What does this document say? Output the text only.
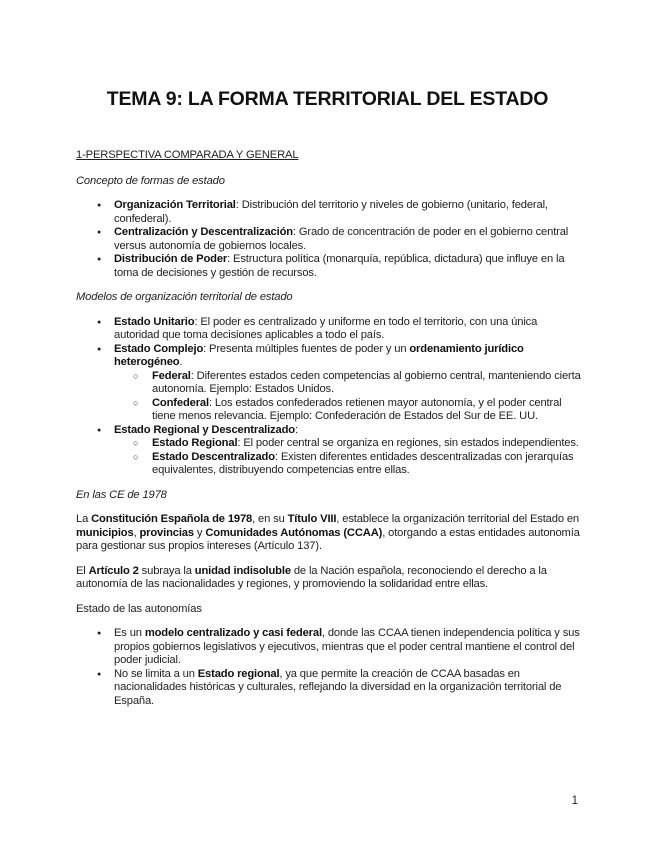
TEMA 9: LA FORMA TERRITORIAL DEL ESTADO
1-PERSPECTIVA COMPARADA Y GENERAL
Concepto de formas de estado
● Organización Territorial: Distribución del territorio y niveles de gobierno (unitario, federal, confederal).
● Centralización y Descentralización: Grado de concentración de poder en el gobierno central versus autonomía de gobiernos locales.
● Distribución de Poder: Estructura política (monarquía, república, dictadura) que influye en la toma de decisiones y gestión de recursos.
Modelos de organización territorial de estado
● Estado Unitario: El poder es centralizado y uniforme en todo el territorio, con una única autoridad que toma decisiones aplicables a todo el país.
● Estado Complejo: Presenta múltiples fuentes de poder y un ordenamiento jurídico heterogéneo.
○ Federal: Diferentes estados ceden competencias al gobierno central, manteniendo cierta autonomía. Ejemplo: Estados Unidos.
○ Confederal: Los estados confederados retienen mayor autonomía, y el poder central tiene menos relevancia. Ejemplo: Confederación de Estados del Sur de EE. UU.
● Estado Regional y Descentralizado:
○ Estado Regional: El poder central se organiza en regiones, sin estados independientes.
○ Estado Descentralizado: Existen diferentes entidades descentralizadas con jerarquías equivalentes, distribuyendo competencias entre ellas.
En las CE de 1978

La Constitución Española de 1978, en su Título VIII, establece la organización territorial del Estado en municipios, provincias y Comunidades Autónomas (CCAA), otorgando a estas entidades autonomía para gestionar sus propios intereses (Artículo 137).

El Artículo 2 subraya la unidad indisoluble de la Nación española, reconociendo el derecho a la autonomía de las nacionalidades y regiones, y promoviendo la solidaridad entre ellas.

Estado de las autonomías
● Es un modelo centralizado y casi federal, donde las CCAA tienen independencia política y sus propios gobiernos legislativos y ejecutivos, mientras que el poder central mantiene el control del poder judicial.
● No se limita a un Estado regional, ya que permite la creación de CCAA basadas en nacionalidades históricas y culturales, reflejando la diversidad en la organización territorial de España.
1
